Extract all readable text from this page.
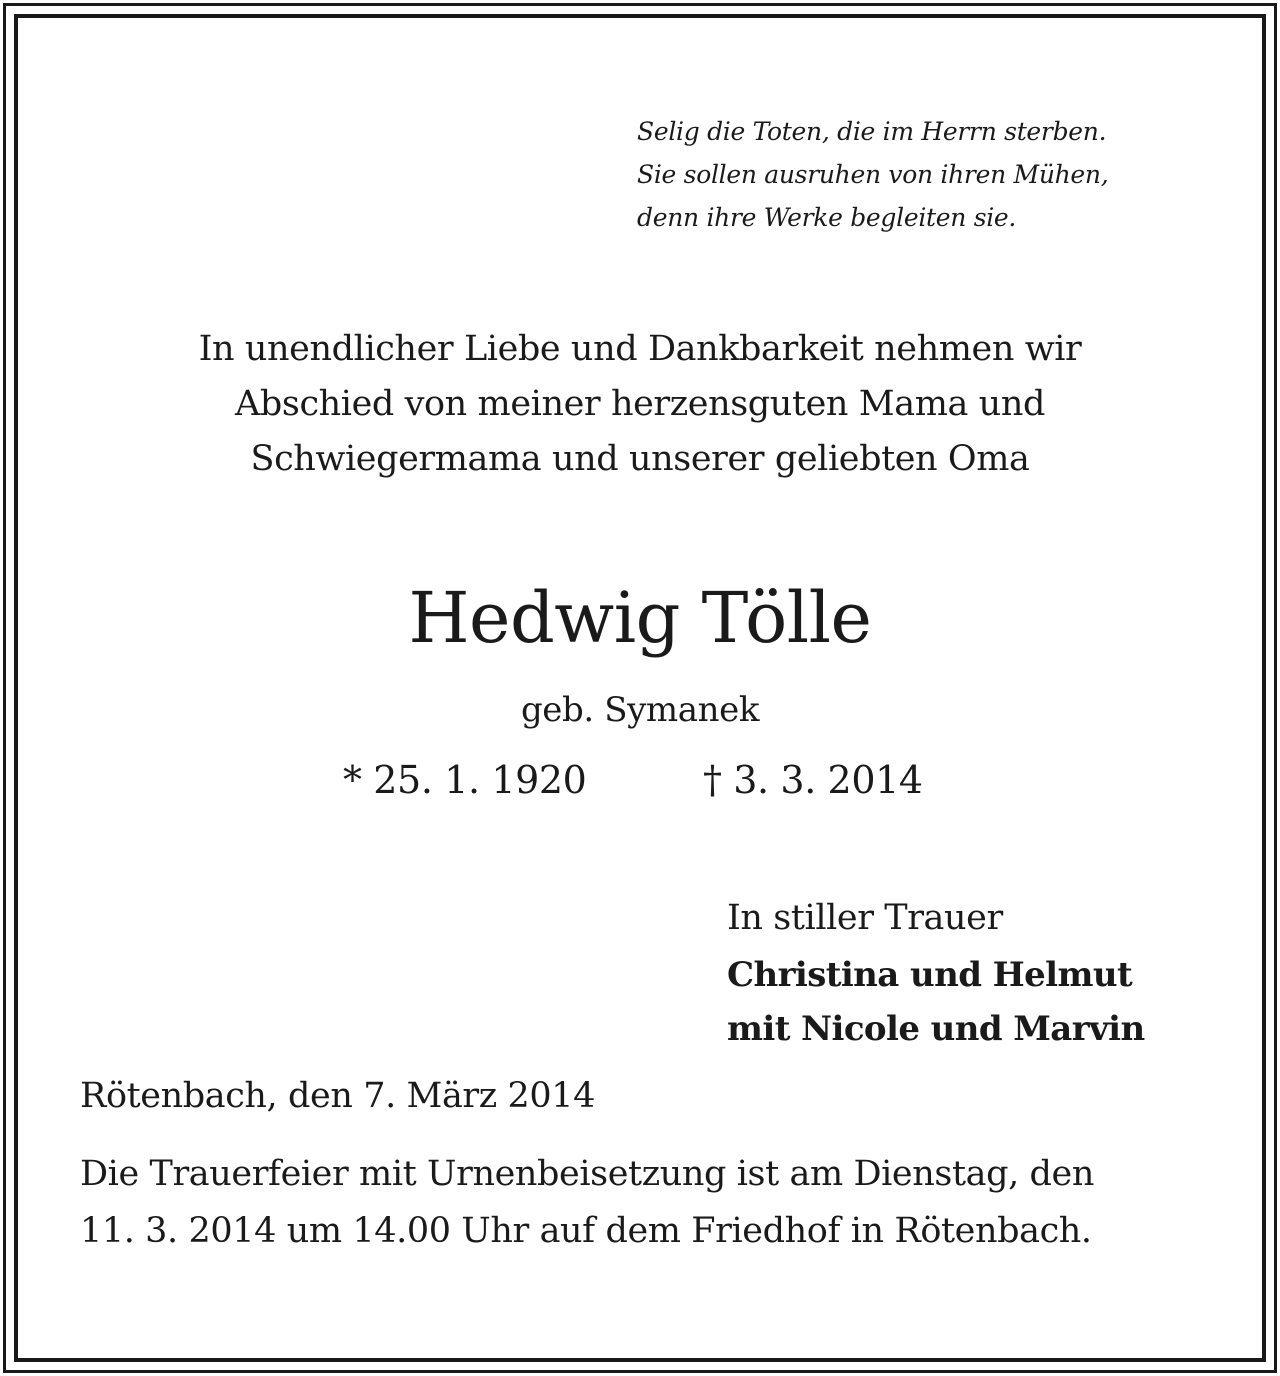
Selig die Toten, die im Herrn sterben.
Sie sollen ausruhen von ihren Mühen,
denn ihre Werke begleiten sie.
In unendlicher Liebe und Dankbarkeit nehmen wir
Abschied von meiner herzensguten Mama und
Schwiegermama und unserer geliebten Oma
Hedwig Tölle
geb. Symanek
* 25. 1. 1920	† 3. 3. 2014
In stiller Trauer
Christina und Helmut
mit Nicole und Marvin
Rötenbach, den 7. März 2014
Die Trauerfeier mit Urnenbeisetzung ist am Dienstag, den
11. 3. 2014 um 14.00 Uhr auf dem Friedhof in Rötenbach.
